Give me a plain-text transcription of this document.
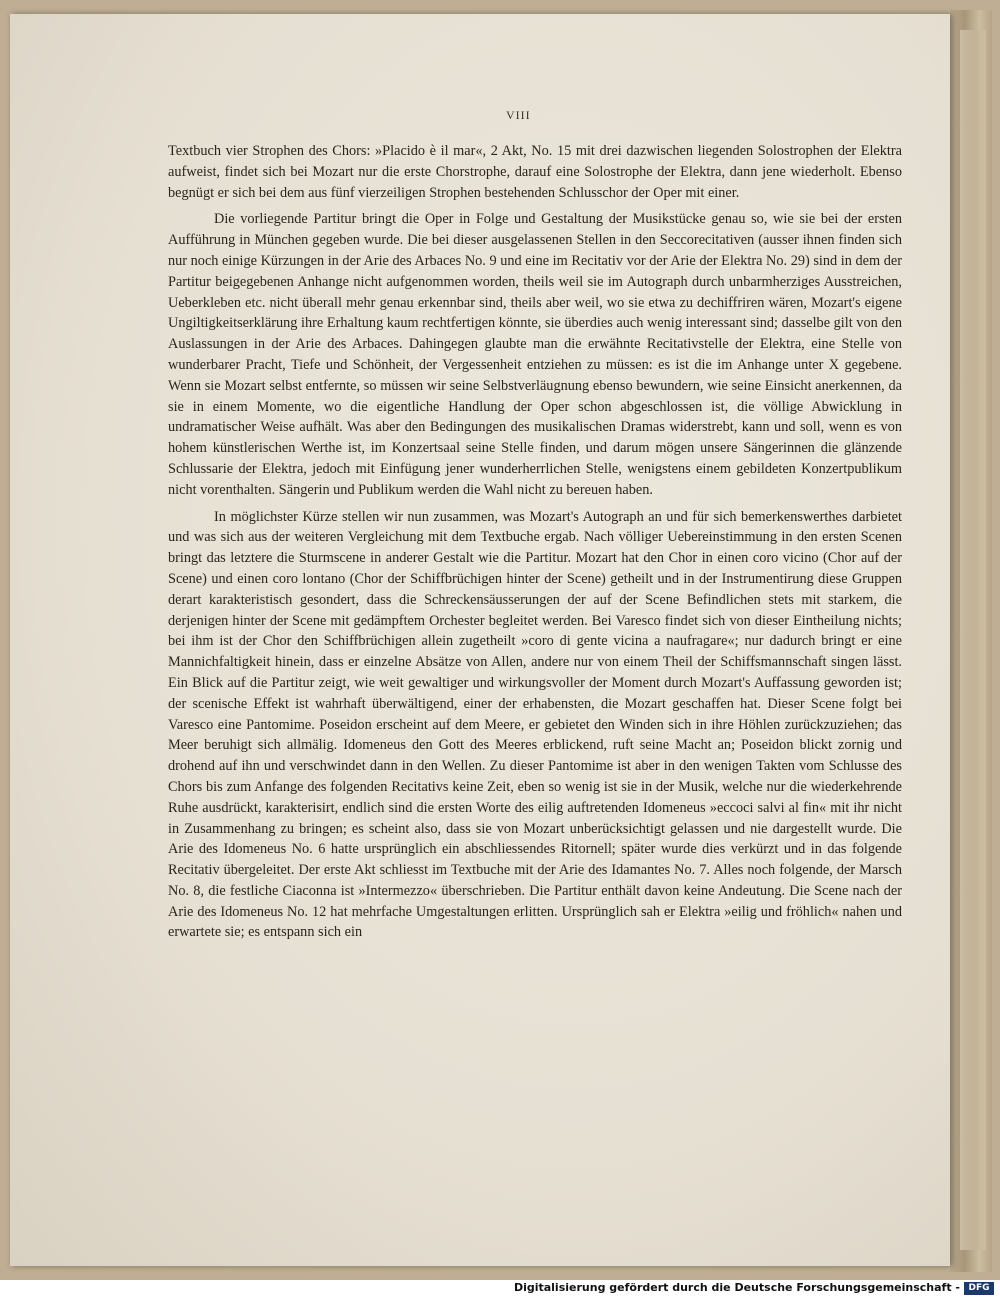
VIII

Textbuch vier Strophen des Chors: »Placido è il mar«, 2 Akt, No. 15 mit drei dazwischen liegenden Solostrophen der Elektra aufweist, findet sich bei Mozart nur die erste Chorstrophe, darauf eine Solostrophe der Elektra, dann jene wiederholt. Ebenso begnügt er sich bei dem aus fünf vierzeiligen Strophen bestehenden Schlusschor der Oper mit einer.

Die vorliegende Partitur bringt die Oper in Folge und Gestaltung der Musikstücke genau so, wie sie bei der ersten Aufführung in München gegeben wurde. Die bei dieser ausgelassenen Stellen in den Seccorecitativen (ausser ihnen finden sich nur noch einige Kürzungen in der Arie des Arbaces No. 9 und eine im Recitativ vor der Arie der Elektra No. 29) sind in dem der Partitur beigegebenen Anhange nicht aufgenommen worden, theils weil sie im Autograph durch unbarmherziges Ausstreichen, Ueberkleben etc. nicht überall mehr genau erkennbar sind, theils aber weil, wo sie etwa zu dechiffriren wären, Mozart's eigene Ungiltigkeitserklärung ihre Erhaltung kaum rechtfertigen könnte, sie überdies auch wenig interessant sind; dasselbe gilt von den Auslassungen in der Arie des Arbaces. Dahingegen glaubte man die erwähnte Recitativstelle der Elektra, eine Stelle von wunderbarer Pracht, Tiefe und Schönheit, der Vergessenheit entziehen zu müssen: es ist die im Anhange unter X gegebene. Wenn sie Mozart selbst entfernte, so müssen wir seine Selbstverläugnung ebenso bewundern, wie seine Einsicht anerkennen, da sie in einem Momente, wo die eigentliche Handlung der Oper schon abgeschlossen ist, die völlige Abwicklung in undramatischer Weise aufhält. Was aber den Bedingungen des musikalischen Dramas widerstrebt, kann und soll, wenn es von hohem künstlerischen Werthe ist, im Konzertsaal seine Stelle finden, und darum mögen unsere Sängerinnen die glänzende Schlussarie der Elektra, jedoch mit Einfügung jener wunderherrlichen Stelle, wenigstens einem gebildeten Konzertpublikum nicht vorenthalten. Sängerin und Publikum werden die Wahl nicht zu bereuen haben.

In möglichster Kürze stellen wir nun zusammen, was Mozart's Autograph an und für sich bemerkenswerthes darbietet und was sich aus der weiteren Vergleichung mit dem Textbuche ergab. Nach völliger Uebereinstimmung in den ersten Scenen bringt das letztere die Sturmscene in anderer Gestalt wie die Partitur. Mozart hat den Chor in einen coro vicino (Chor auf der Scene) und einen coro lontano (Chor der Schiffbrüchigen hinter der Scene) getheilt und in der Instrumentirung diese Gruppen derart karakteristisch gesondert, dass die Schreckensäusserungen der auf der Scene Befindlichen stets mit starkem, die derjenigen hinter der Scene mit gedämpftem Orchester begleitet werden. Bei Varesco findet sich von dieser Eintheilung nichts; bei ihm ist der Chor den Schiffbrüchigen allein zugetheilt »coro di gente vicina a naufragare«; nur dadurch bringt er eine Mannichfaltigkeit hinein, dass er einzelne Absätze von Allen, andere nur von einem Theil der Schiffsmannschaft singen lässt. Ein Blick auf die Partitur zeigt, wie weit gewaltiger und wirkungsvoller der Moment durch Mozart's Auffassung geworden ist; der scenische Effekt ist wahrhaft überwältigend, einer der erhabensten, die Mozart geschaffen hat. Dieser Scene folgt bei Varesco eine Pantomime. Poseidon erscheint auf dem Meere, er gebietet den Winden sich in ihre Höhlen zurückzuziehen; das Meer beruhigt sich allmälig. Idomeneus den Gott des Meeres erblickend, ruft seine Macht an; Poseidon blickt zornig und drohend auf ihn und verschwindet dann in den Wellen. Zu dieser Pantomime ist aber in den wenigen Takten vom Schlusse des Chors bis zum Anfange des folgenden Recitativs keine Zeit, eben so wenig ist sie in der Musik, welche nur die wiederkehrende Ruhe ausdrückt, karakterisirt, endlich sind die ersten Worte des eilig auftretenden Idomeneus »eccoci salvi al fin« mit ihr nicht in Zusammenhang zu bringen; es scheint also, dass sie von Mozart unberücksichtigt gelassen und nie dargestellt wurde. Die Arie des Idomeneus No. 6 hatte ursprünglich ein abschliessendes Ritornell; später wurde dies verkürzt und in das folgende Recitativ übergeleitet. Der erste Akt schliesst im Textbuche mit der Arie des Idamantes No. 7. Alles noch folgende, der Marsch No. 8, die festliche Ciaconna ist »Intermezzo« überschrieben. Die Partitur enthält davon keine Andeutung. Die Scene nach der Arie des Idomeneus No. 12 hat mehrfache Umgestaltungen erlitten. Ursprünglich sah er Elektra »eilig und fröhlich« nahen und erwartete sie; es entspann sich ein

Digitalisierung gefördert durch die Deutsche Forschungsgemeinschaft - DFG
